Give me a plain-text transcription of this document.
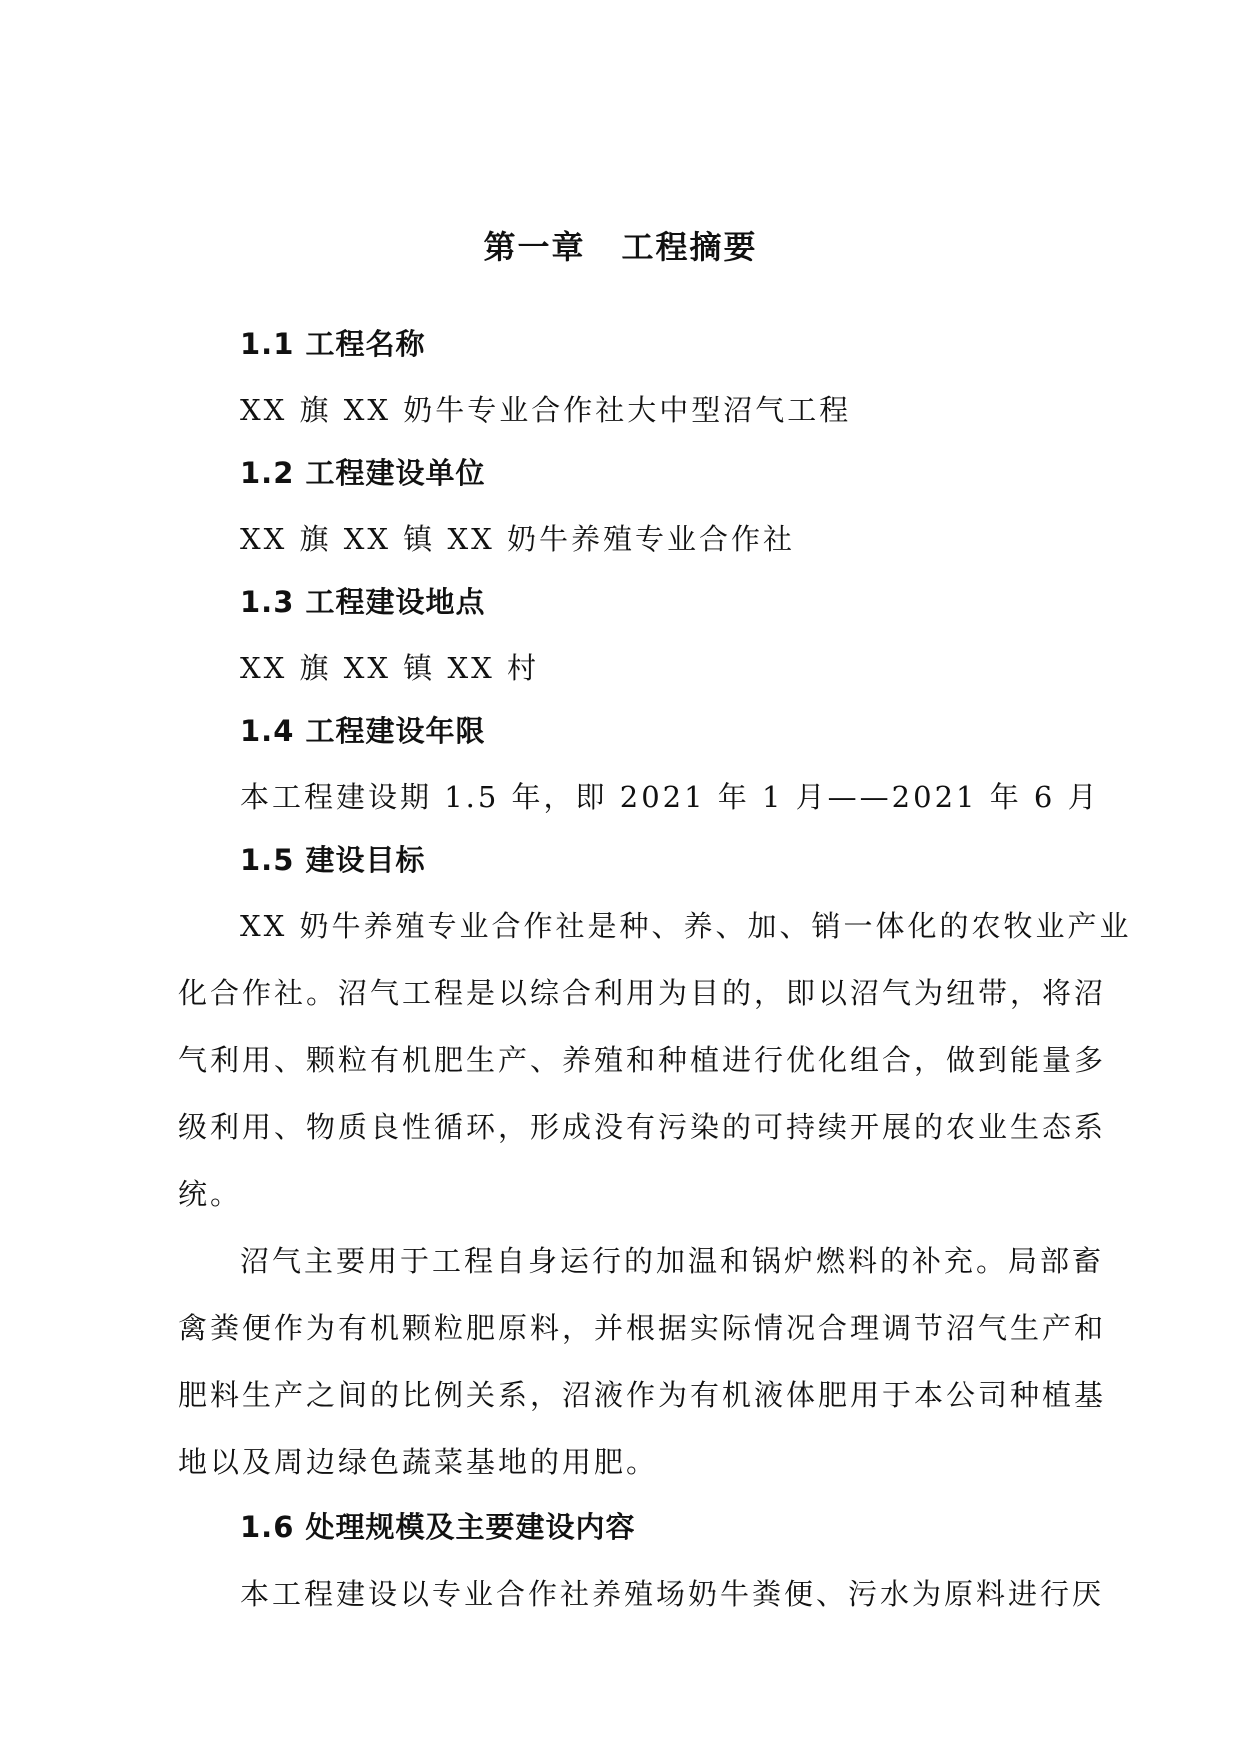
第一章 工程摘要
1.1 工程名称
XX 旗 XX 奶牛专业合作社大中型沼气工程
1.2 工程建设单位
XX 旗 XX 镇 XX 奶牛养殖专业合作社
1.3 工程建设地点
XX 旗 XX 镇 XX 村
1.4 工程建设年限
本工程建设期 1.5 年，即 2021 年 1 月——2021 年 6 月
1.5 建设目标
XX 奶牛养殖专业合作社是种、养、加、销一体化的农牧业产业
化合作社。沼气工程是以综合利用为目的，即以沼气为纽带，将沼
气利用、颗粒有机肥生产、养殖和种植进行优化组合，做到能量多
级利用、物质良性循环，形成没有污染的可持续开展的农业生态系
统。
沼气主要用于工程自身运行的加温和锅炉燃料的补充。局部畜
禽粪便作为有机颗粒肥原料，并根据实际情况合理调节沼气生产和
肥料生产之间的比例关系，沼液作为有机液体肥用于本公司种植基
地以及周边绿色蔬菜基地的用肥。
1.6 处理规模及主要建设内容
本工程建设以专业合作社养殖场奶牛粪便、污水为原料进行厌
